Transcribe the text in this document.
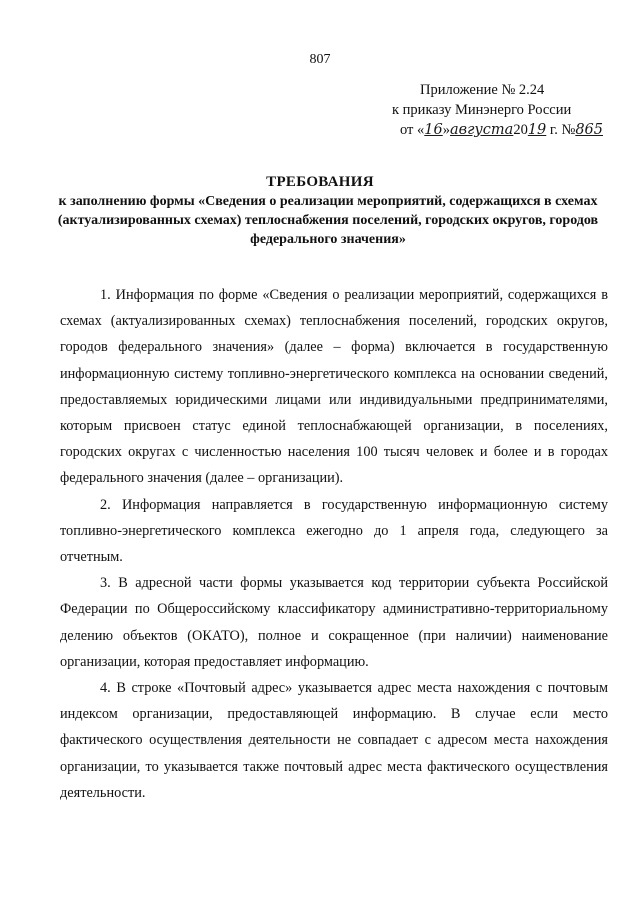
807
Приложение № 2.24
к приказу Минэнерго России
от «16»августа2019 г. №865
ТРЕБОВАНИЯ
к заполнению формы «Сведения о реализации мероприятий, содержащихся в схемах (актуализированных схемах) теплоснабжения поселений, городских округов, городов федерального значения»

1. Информация по форме «Сведения о реализации мероприятий, содержащихся в схемах (актуализированных схемах) теплоснабжения поселений, городских округов, городов федерального значения» (далее – форма) включается в государственную информационную систему топливно-энергетического комплекса на основании сведений, предоставляемых юридическими лицами или индивидуальными предпринимателями, которым присвоен статус единой теплоснабжающей организации, в поселениях, городских округах с численностью населения 100 тысяч человек и более и в городах федерального значения (далее – организации).

2. Информация направляется в государственную информационную систему топливно-энергетического комплекса ежегодно до 1 апреля года, следующего за отчетным.

3. В адресной части формы указывается код территории субъекта Российской Федерации по Общероссийскому классификатору административно-территориальному делению объектов (ОКАТО), полное и сокращенное (при наличии) наименование организации, которая предоставляет информацию.

4. В строке «Почтовый адрес» указывается адрес места нахождения с почтовым индексом организации, предоставляющей информацию. В случае если место фактического осуществления деятельности не совпадает с адресом места нахождения организации, то указывается также почтовый адрес места фактического осуществления деятельности.
